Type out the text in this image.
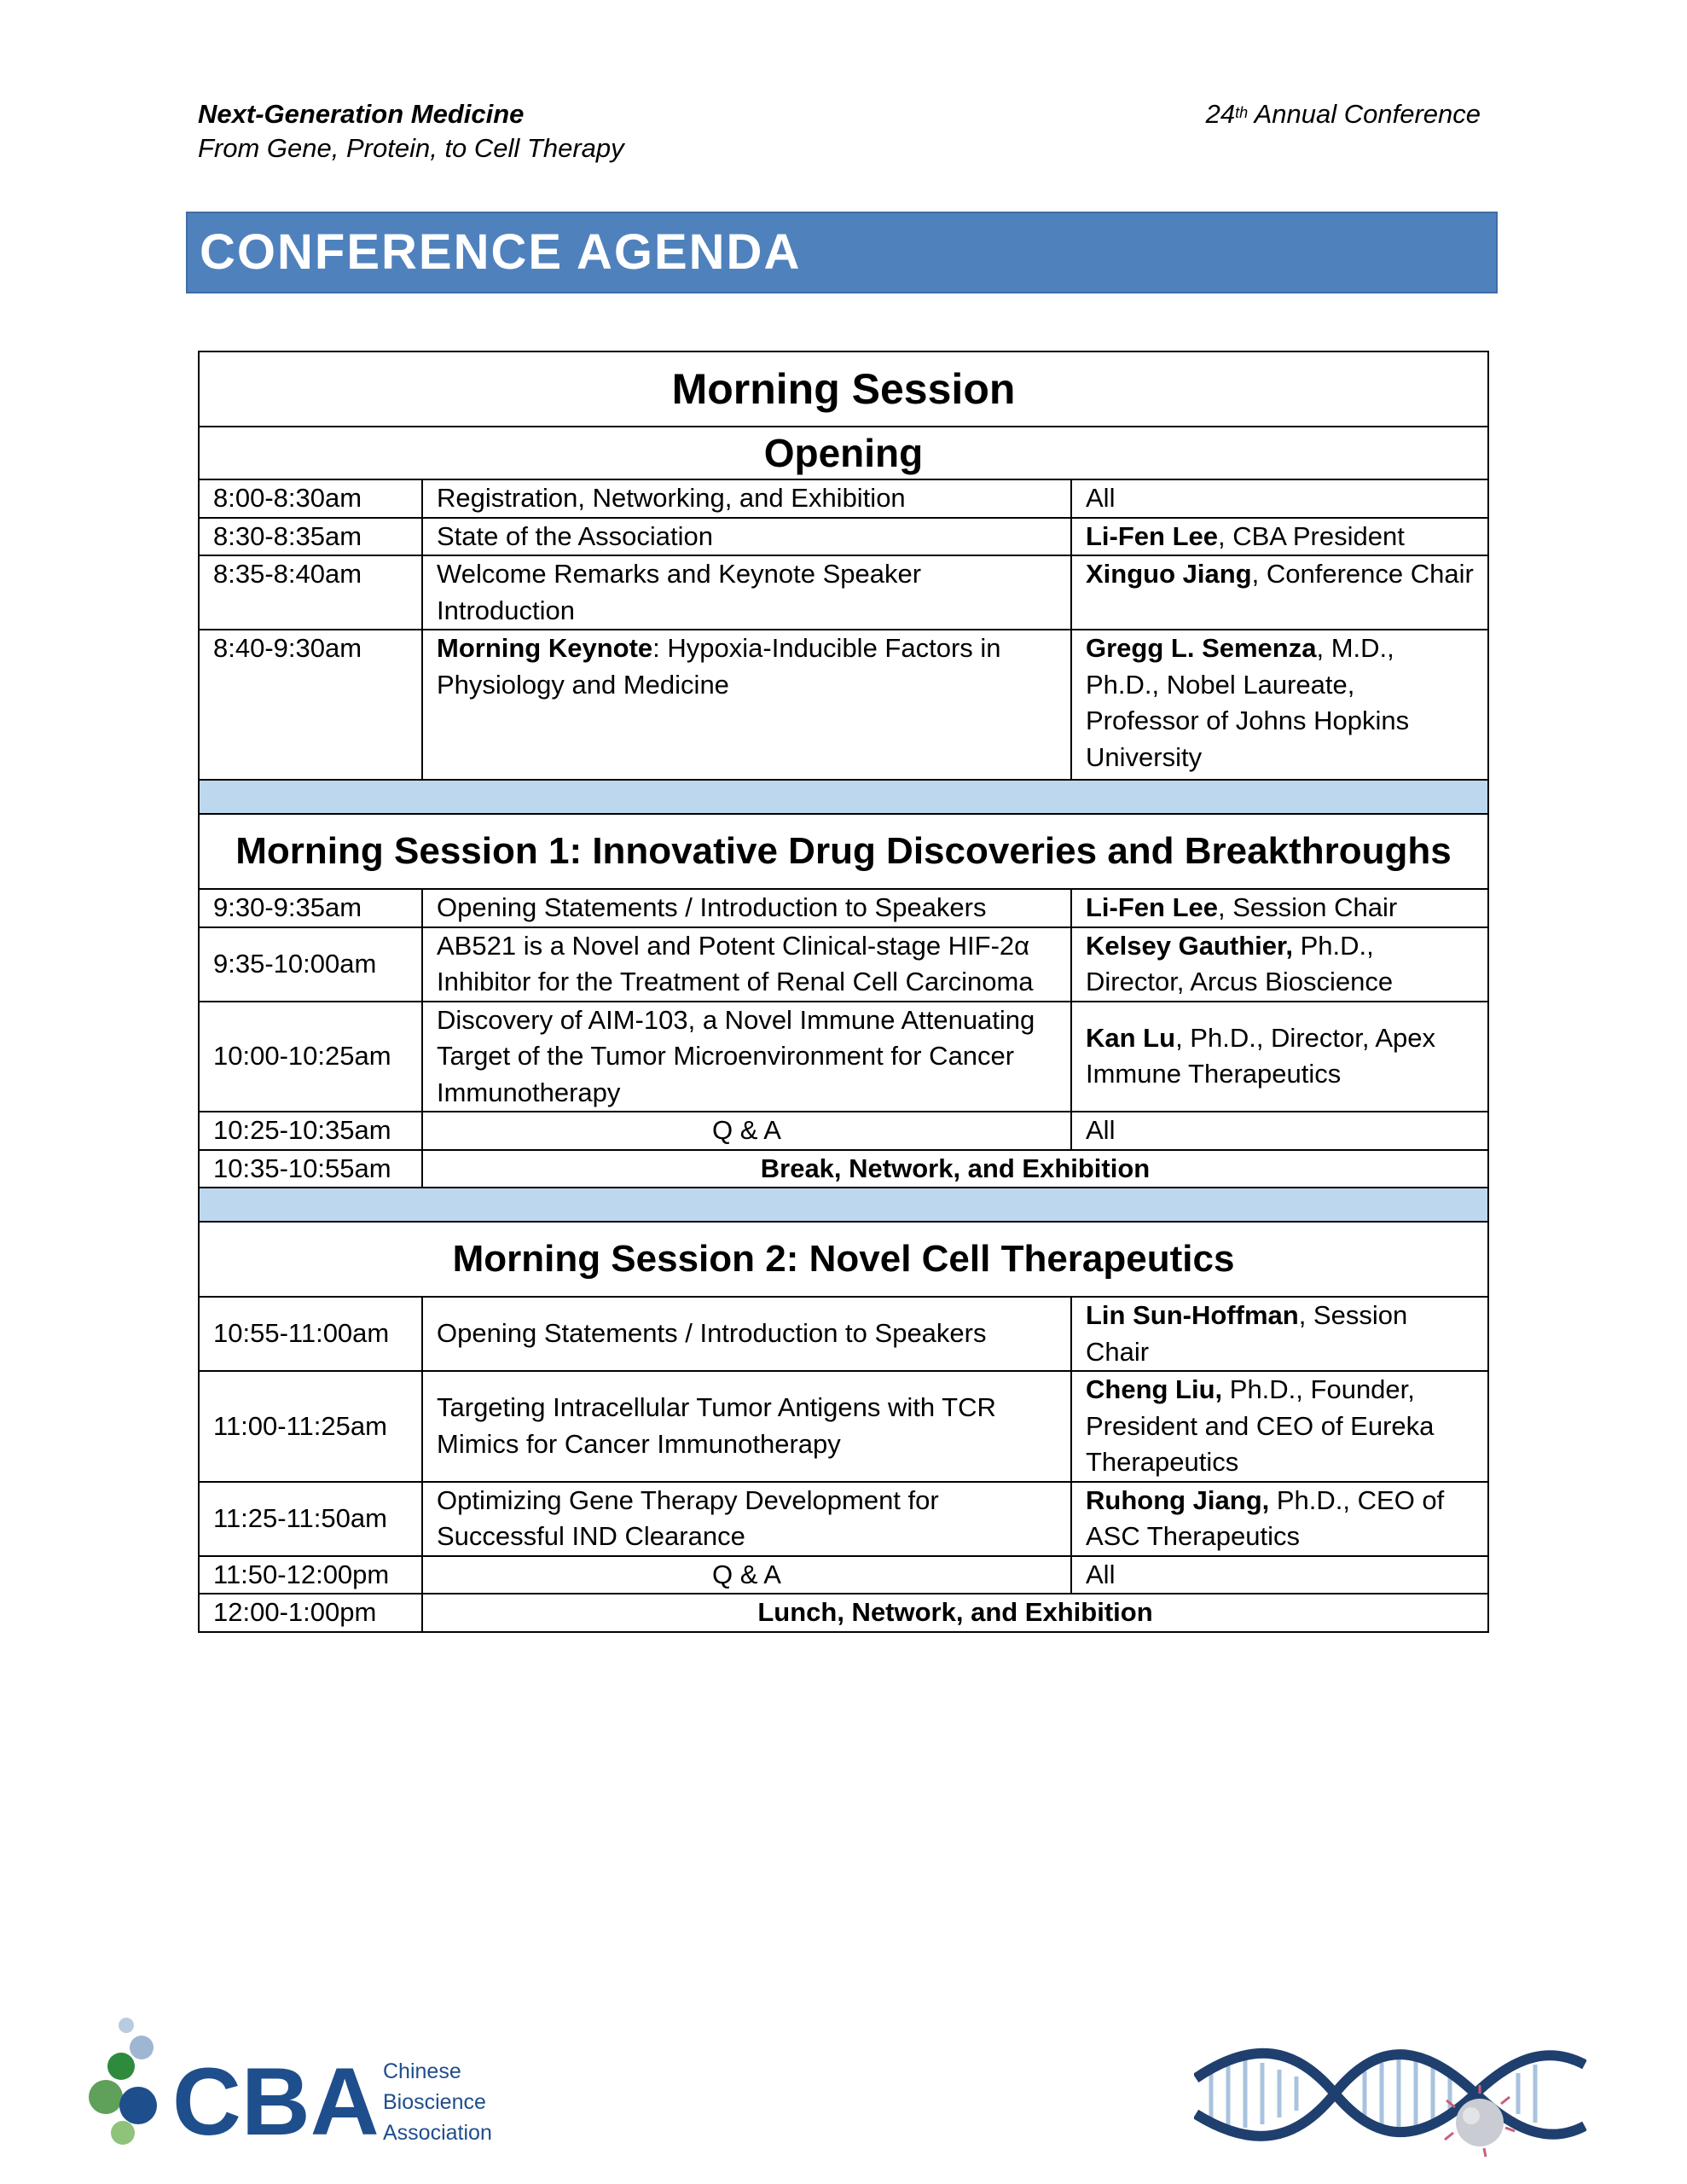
Next-Generation Medicine
From Gene, Protein, to Cell Therapy
24th Annual Conference
CONFERENCE AGENDA
Morning Session		
Opening		
8:00-8:30am	Registration, Networking, and Exhibition	All
8:30-8:35am	State of the Association	Li-Fen Lee, CBA President
8:35-8:40am	Welcome Remarks and Keynote Speaker Introduction	Xinguo Jiang, Conference Chair
8:40-9:30am	Morning Keynote: Hypoxia-Inducible Factors in Physiology and Medicine	Gregg L. Semenza, M.D., Ph.D., Nobel Laureate, Professor of Johns Hopkins University

Morning Session 1: Innovative Drug Discoveries and Breakthroughs		
9:30-9:35am	Opening Statements / Introduction to Speakers	Li-Fen Lee, Session Chair
9:35-10:00am	AB521 is a Novel and Potent Clinical-stage HIF-2α Inhibitor for the Treatment of Renal Cell Carcinoma	Kelsey Gauthier, Ph.D., Director, Arcus Bioscience
10:00-10:25am	Discovery of AIM-103, a Novel Immune Attenuating Target of the Tumor Microenvironment for Cancer Immunotherapy	Kan Lu, Ph.D., Director, Apex Immune Therapeutics
10:25-10:35am	Q & A	All
10:35-10:55am	Break, Network, and Exhibition	

Morning Session 2: Novel Cell Therapeutics		
10:55-11:00am	Opening Statements / Introduction to Speakers	Lin Sun-Hoffman, Session Chair
11:00-11:25am	Targeting Intracellular Tumor Antigens with TCR Mimics for Cancer Immunotherapy	Cheng Liu, Ph.D., Founder, President and CEO of Eureka Therapeutics
11:25-11:50am	Optimizing Gene Therapy Development for Successful IND Clearance	Ruhong Jiang, Ph.D., CEO of ASC Therapeutics
11:50-12:00pm	Q & A	All
12:00-1:00pm	Lunch, Network, and Exhibition	
CBA Chinese
Bioscience
Association
